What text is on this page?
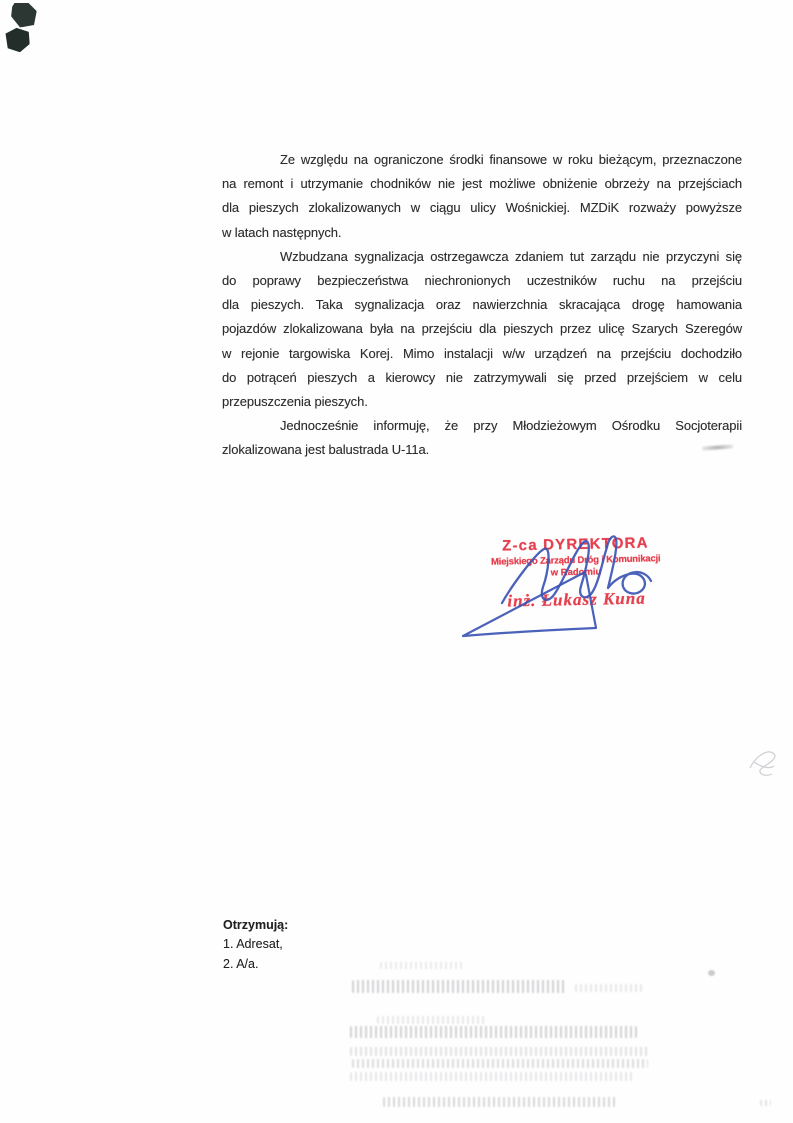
Ze względu na ograniczone środki finansowe w roku bieżącym, przeznaczone
na remont i utrzymanie chodników nie jest możliwe obniżenie obrzeży na przejściach
dla pieszych zlokalizowanych w ciągu ulicy Wośnickiej. MZDiK rozważy powyższe
w latach następnych.
Wzbudzana sygnalizacja ostrzegawcza zdaniem tut zarządu nie przyczyni się
do poprawy bezpieczeństwa niechronionych uczestników ruchu na przejściu
dla pieszych. Taka sygnalizacja oraz nawierzchnia skracająca drogę hamowania
pojazdów zlokalizowana była na przejściu dla pieszych przez ulicę Szarych Szeregów
w rejonie targowiska Korej. Mimo instalacji w/w urządzeń na przejściu dochodziło
do potrąceń pieszych a kierowcy nie zatrzymywali się przed przejściem w celu
przepuszczenia pieszych.
Jednocześnie informuję, że przy Młodzieżowym Ośrodku Socjoterapii
zlokalizowana jest balustrada U-11a.
Z-ca DYREKTORA
Miejskiego Zarządu Dróg i Komunikacji
w Radomiu
inż. Łukasz Kuna
Otrzymują:
1. Adresat,
2. A/a.
